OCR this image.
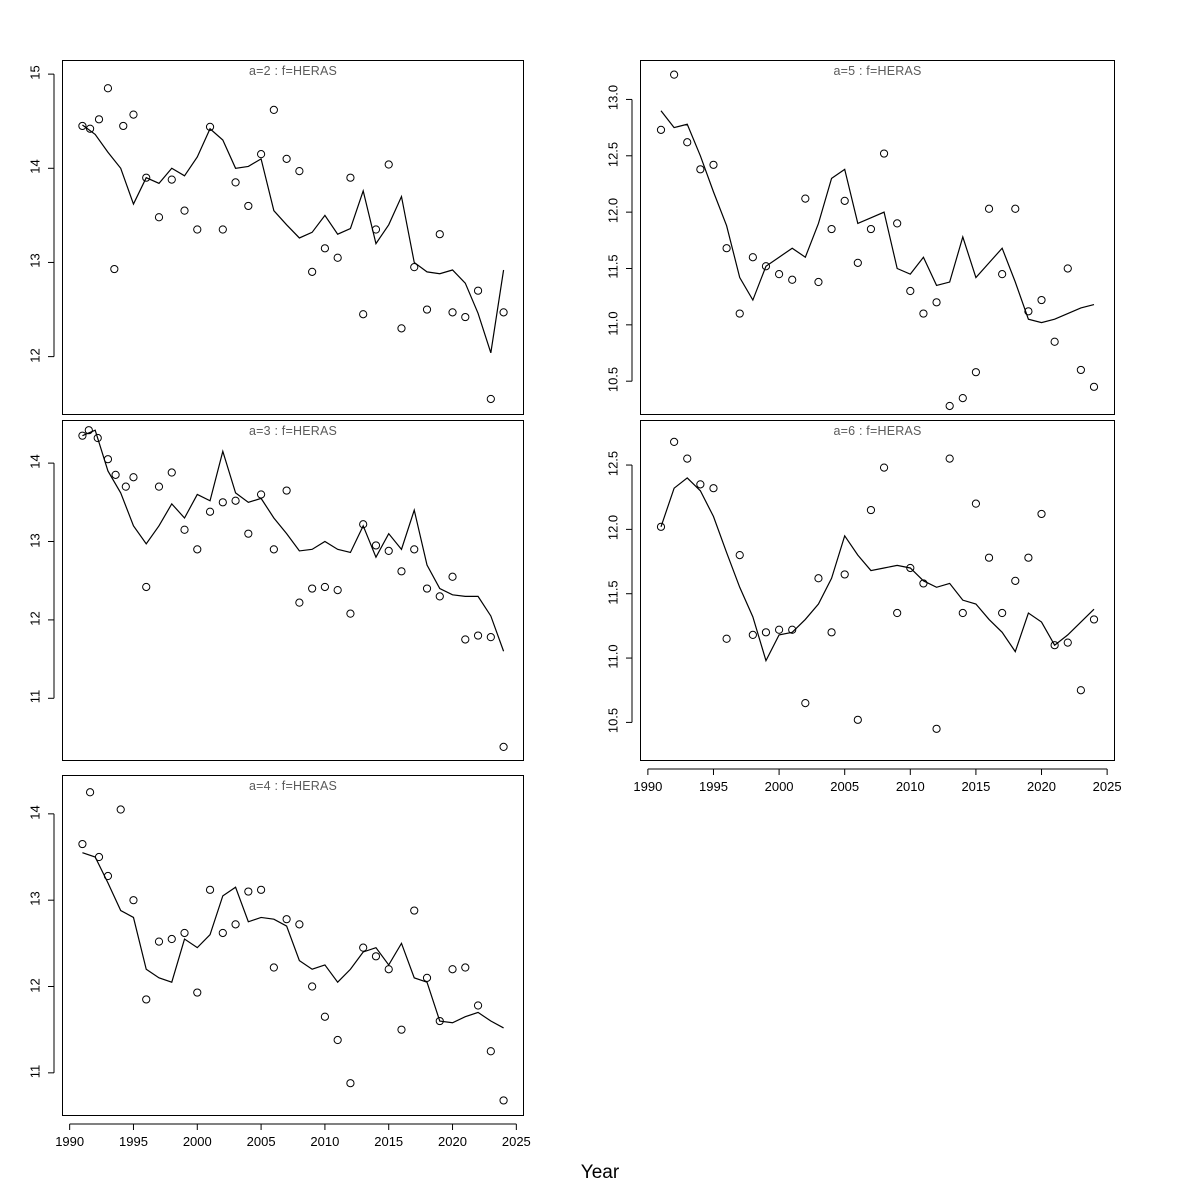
Year
a=2 : f=HERAS
12
13
14
15
a=3 : f=HERAS
11
12
13
14
a=4 : f=HERAS
11
12
13
14
1990	1995	2000	2005	2010	2015	2020	2025
a=5 : f=HERAS
10.5
11.0
11.5
12.0
12.5
13.0
a=6 : f=HERAS
10.5
11.0
11.5
12.0
12.5
1990	1995	2000	2005	2010	2015	2020	2025
